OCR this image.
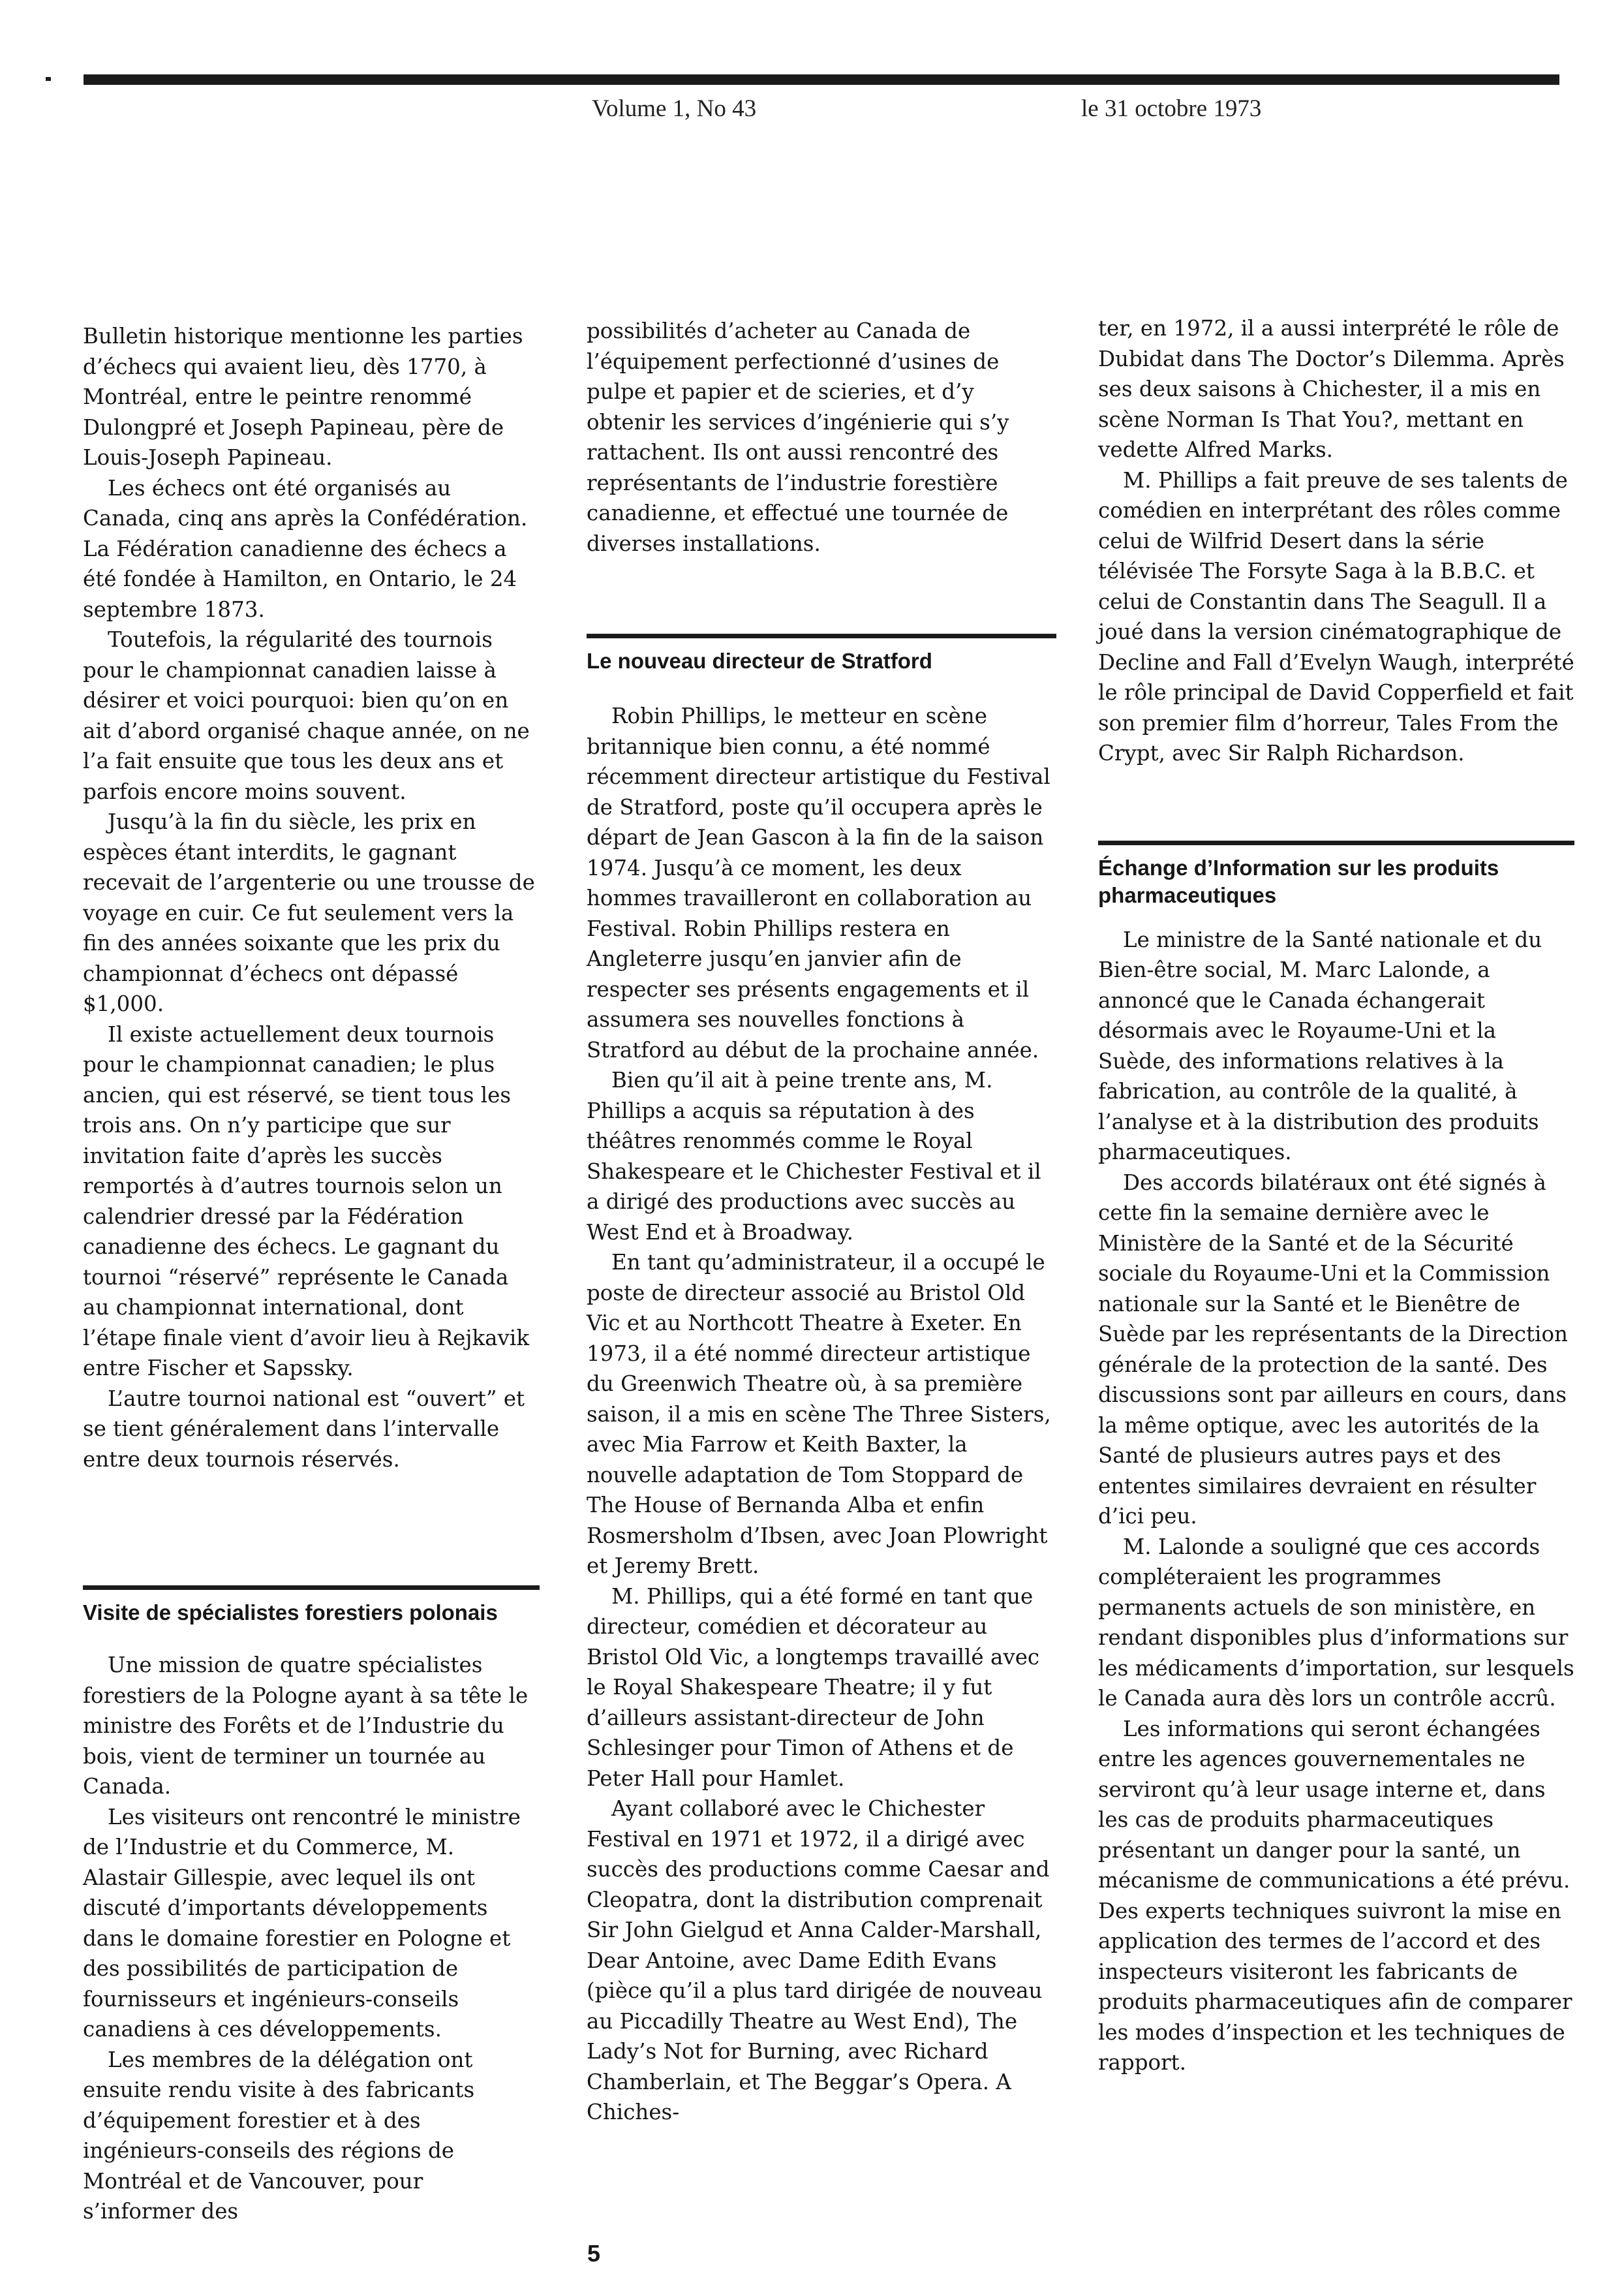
Volume 1, No 43	le 31 octobre 1973

Bulletin historique mentionne les parties d’échecs qui avaient lieu, dès 1770, à Montréal, entre le peintre renommé Dulongpré et Joseph Papineau, père de Louis-Joseph Papineau.

Les échecs ont été organisés au Canada, cinq ans après la Confédération. La Fédération canadienne des échecs a été fondée à Hamilton, en Ontario, le 24 septembre 1873.

Toutefois, la régularité des tournois pour le championnat canadien laisse à désirer et voici pourquoi: bien qu’on en ait d’abord organisé chaque année, on ne l’a fait ensuite que tous les deux ans et parfois encore moins souvent.

Jusqu’à la fin du siècle, les prix en espèces étant interdits, le gagnant recevait de l’argenterie ou une trousse de voyage en cuir. Ce fut seulement vers la fin des années soixante que les prix du championnat d’échecs ont dépassé $1,000.

Il existe actuellement deux tournois pour le championnat canadien; le plus ancien, qui est réservé, se tient tous les trois ans. On n’y participe que sur invitation faite d’après les succès remportés à d’autres tournois selon un calendrier dressé par la Fédération canadienne des échecs. Le gagnant du tournoi “réservé” représente le Canada au championnat international, dont l’étape finale vient d’avoir lieu à Rejkavik entre Fischer et Sapssky.

L’autre tournoi national est “ouvert” et se tient généralement dans l’intervalle entre deux tournois réservés.

Visite de spécialistes forestiers polonais

Une mission de quatre spécialistes forestiers de la Pologne ayant à sa tête le ministre des Forêts et de l’Industrie du bois, vient de terminer un tournée au Canada.

Les visiteurs ont rencontré le ministre de l’Industrie et du Commerce, M. Alastair Gillespie, avec lequel ils ont discuté d’importants développements dans le domaine forestier en Pologne et des possibilités de participation de fournisseurs et ingénieurs-conseils canadiens à ces développements.

Les membres de la délégation ont ensuite rendu visite à des fabricants d’équipement forestier et à des ingénieurs-conseils des régions de Montréal et de Vancouver, pour s’informer des

possibilités d’acheter au Canada de l’équipement perfectionné d’usines de pulpe et papier et de scieries, et d’y obtenir les services d’ingénierie qui s’y rattachent. Ils ont aussi rencontré des représentants de l’industrie forestière canadienne, et effectué une tournée de diverses installations.

Le nouveau directeur de Stratford

Robin Phillips, le metteur en scène britannique bien connu, a été nommé récemment directeur artistique du Festival de Stratford, poste qu’il occupera après le départ de Jean Gascon à la fin de la saison 1974. Jusqu’à ce moment, les deux hommes travailleront en collaboration au Festival. Robin Phillips restera en Angleterre jusqu’en janvier afin de respecter ses présents engagements et il assumera ses nouvelles fonctions à Stratford au début de la prochaine année.

Bien qu’il ait à peine trente ans, M. Phillips a acquis sa réputation à des théâtres renommés comme le Royal Shakespeare et le Chichester Festival et il a dirigé des productions avec succès au West End et à Broadway.

En tant qu’administrateur, il a occupé le poste de directeur associé au Bristol Old Vic et au Northcott Theatre à Exeter. En 1973, il a été nommé directeur artistique du Greenwich Theatre où, à sa première saison, il a mis en scène The Three Sisters, avec Mia Farrow et Keith Baxter, la nouvelle adaptation de Tom Stoppard de The House of Bernanda Alba et enfin Rosmersholm d’Ibsen, avec Joan Plowright et Jeremy Brett.

M. Phillips, qui a été formé en tant que directeur, comédien et décorateur au Bristol Old Vic, a longtemps travaillé avec le Royal Shakespeare Theatre; il y fut d’ailleurs assistant-directeur de John Schlesinger pour Timon of Athens et de Peter Hall pour Hamlet.

Ayant collaboré avec le Chichester Festival en 1971 et 1972, il a dirigé avec succès des productions comme Caesar and Cleopatra, dont la distribution comprenait Sir John Gielgud et Anna Calder-Marshall, Dear Antoine, avec Dame Edith Evans (pièce qu’il a plus tard dirigée de nouveau au Piccadilly Theatre au West End), The Lady’s Not for Burning, avec Richard Chamberlain, et The Beggar’s Opera. A Chiches-

ter, en 1972, il a aussi interprété le rôle de Dubidat dans The Doctor’s Dilemma. Après ses deux saisons à Chichester, il a mis en scène Norman Is That You?, mettant en vedette Alfred Marks.

M. Phillips a fait preuve de ses talents de comédien en interprétant des rôles comme celui de Wilfrid Desert dans la série télévisée The Forsyte Saga à la B.B.C. et celui de Constantin dans The Seagull. Il a joué dans la version cinématographique de Decline and Fall d’Evelyn Waugh, interprété le rôle principal de David Copperfield et fait son premier film d’horreur, Tales From the Crypt, avec Sir Ralph Richardson.

Échange d’Information sur les produits pharmaceutiques

Le ministre de la Santé nationale et du Bien-être social, M. Marc Lalonde, a annoncé que le Canada échangerait désormais avec le Royaume-Uni et la Suède, des informations relatives à la fabrication, au contrôle de la qualité, à l’analyse et à la distribution des produits pharmaceutiques.

Des accords bilatéraux ont été signés à cette fin la semaine dernière avec le Ministère de la Santé et de la Sécurité sociale du Royaume-Uni et la Commission nationale sur la Santé et le Bienêtre de Suède par les représentants de la Direction générale de la protection de la santé. Des discussions sont par ailleurs en cours, dans la même optique, avec les autorités de la Santé de plusieurs autres pays et des ententes similaires devraient en résulter d’ici peu.

M. Lalonde a souligné que ces accords compléteraient les programmes permanents actuels de son ministère, en rendant disponibles plus d’informations sur les médicaments d’importation, sur lesquels le Canada aura dès lors un contrôle accrû.

Les informations qui seront échangées entre les agences gouvernementales ne serviront qu’à leur usage interne et, dans les cas de produits pharmaceutiques présentant un danger pour la santé, un mécanisme de communications a été prévu. Des experts techniques suivront la mise en application des termes de l’accord et des inspecteurs visiteront les fabricants de produits pharmaceutiques afin de comparer les modes d’inspection et les techniques de rapport.

5
